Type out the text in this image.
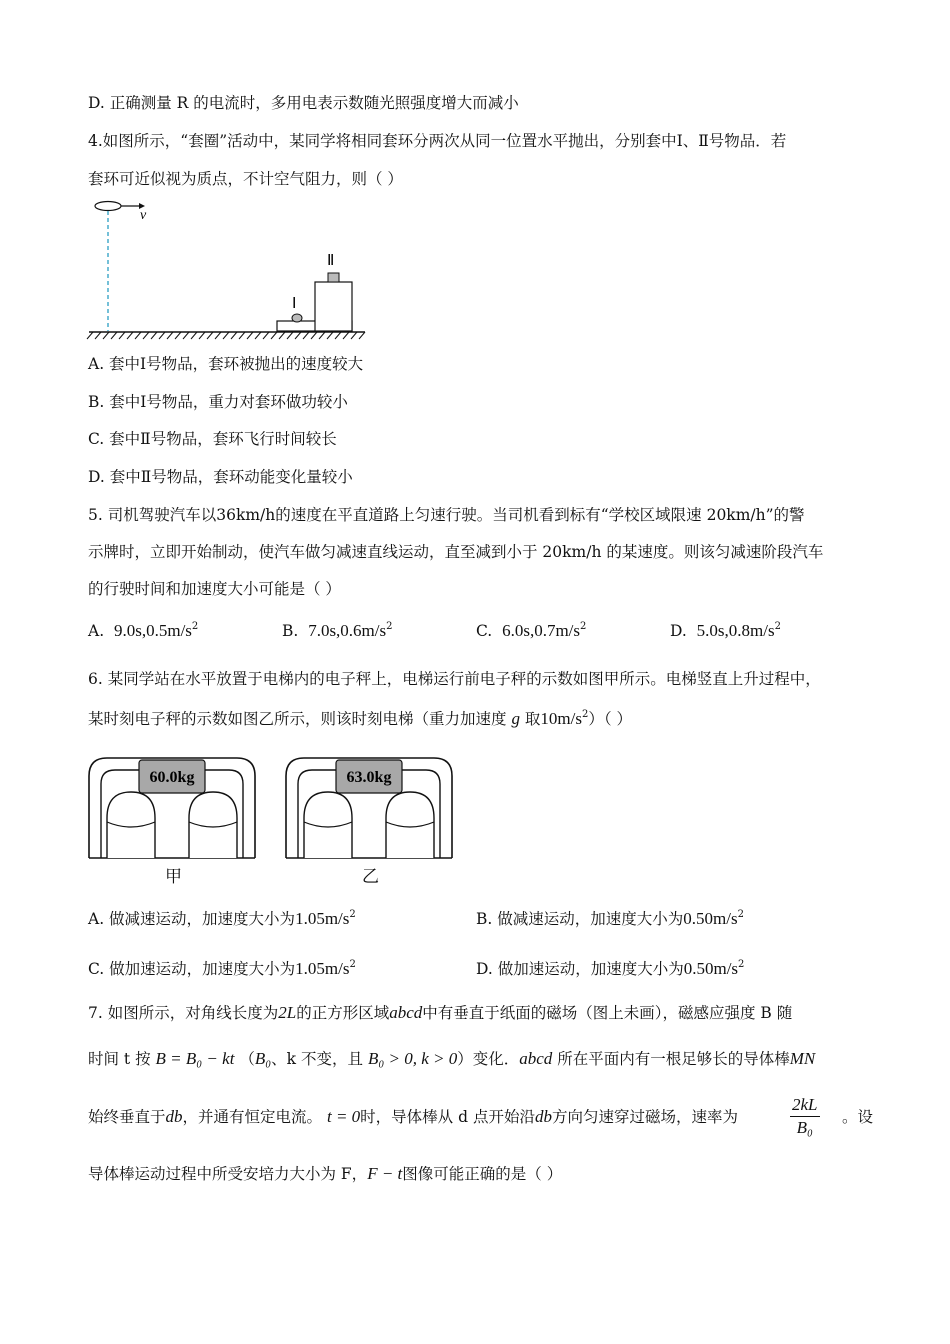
D. 正确测量 R 的电流时，多用电表示数随光照强度增大而减小
4.如图所示，“套圈”活动中，某同学将相同套环分两次从同一位置水平抛出，分别套中Ⅰ、Ⅱ号物品．若
套环可近似视为质点，不计空气阻力，则（ ）
v
Ⅰ
Ⅱ
A. 套中Ⅰ号物品，套环被抛出的速度较大
B. 套中Ⅰ号物品，重力对套环做功较小
C. 套中Ⅱ号物品，套环飞行时间较长
D. 套中Ⅱ号物品，套环动能变化量较小
5. 司机驾驶汽车以36km/h的速度在平直道路上匀速行驶。当司机看到标有“学校区域限速 20km/h”的警
示牌时，立即开始制动，使汽车做匀减速直线运动，直至减到小于 20km/h 的某速度。则该匀减速阶段汽车
的行驶时间和加速度大小可能是（ ）
A. $9.0s,0.5m/s^2$	B. $7.0s,0.6m/s^2$	C. $6.0s,0.7m/s^2$	D. $5.0s,0.8m/s^2$
6. 某同学站在水平放置于电梯内的电子秤上，电梯运行前电子秤的示数如图甲所示。电梯竖直上升过程中，
某时刻电子秤的示数如图乙所示，则该时刻电梯（重力加速度 g 取$10m/s^2$）（ ）
60.0kg
甲
63.0kg
乙
A. 做减速运动，加速度大小为$1.05m/s^2$	B. 做减速运动，加速度大小为$0.50m/s^2$
C. 做加速运动，加速度大小为$1.05m/s^2$	D. 做加速运动，加速度大小为$0.50m/s^2$
7. 如图所示，对角线长度为2L的正方形区域abcd中有垂直于纸面的磁场（图上未画），磁感应强度 B 随
时间 t 按 B = B₀ − kt （B₀、k 不变，且 B₀ > 0, k > 0）变化．abcd 所在平面内有一根足够长的导体棒MN
始终垂直于db，并通有恒定电流。 t = 0时，导体棒从 d 点开始沿db方向匀速穿过磁场，速率为	$\frac{2kL}{\text{B₀}}$ 。设
导体棒运动过程中所受安培力大小为 F，F − t图像可能正确的是（ ）
